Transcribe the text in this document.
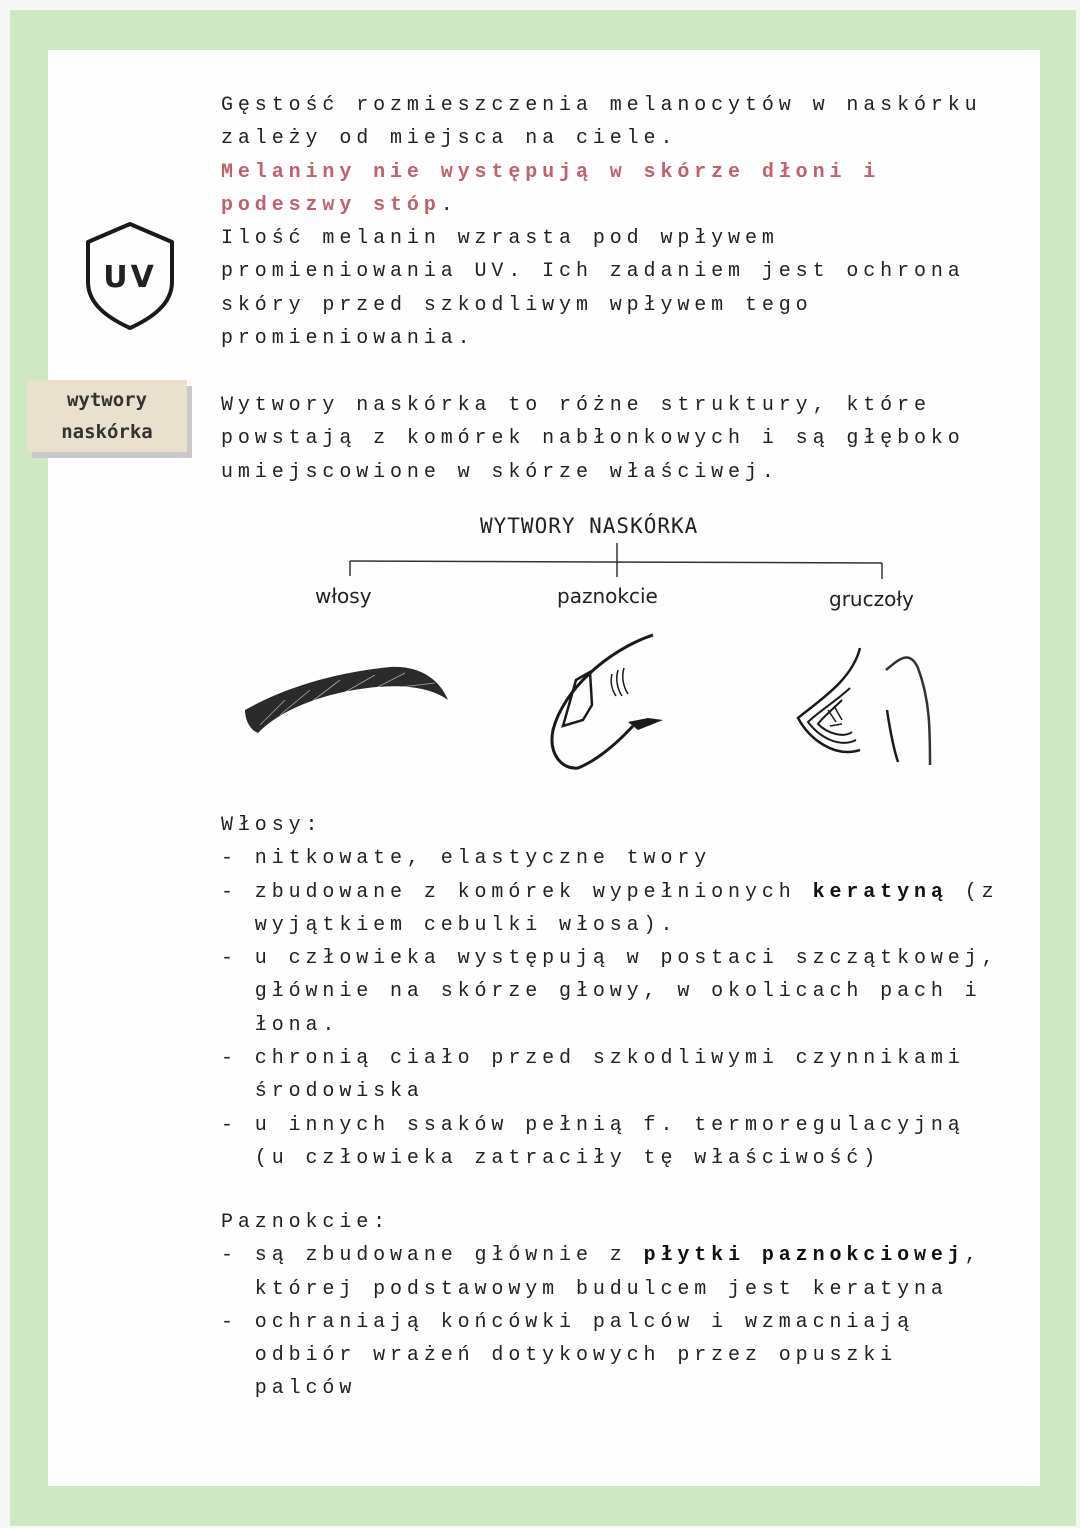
UV
wytwory
naskórka
Gęstość rozmieszczenia melanocytów w naskórku
zależy od miejsca na ciele.
Melaniny nie występują w skórze dłoni i
podeszwy stóp.
Ilość melanin wzrasta pod wpływem
promieniowania UV. Ich zadaniem jest ochrona
skóry przed szkodliwym wpływem tego
promieniowania.
Wytwory naskórka to różne struktury, które
powstają z komórek nabłonkowych i są głęboko
umiejscowione w skórze właściwej.
WYTWORY NASKÓRKA
włosy	paznokcie	gruczoły
Włosy:
- nitkowate, elastyczne twory
- zbudowane z komórek wypełnionych keratyną (z
wyjątkiem cebulki włosa).
- u człowieka występują w postaci szczątkowej,
głównie na skórze głowy, w okolicach pach i
łona.
- chronią ciało przed szkodliwymi czynnikami
środowiska
- u innych ssaków pełnią f. termoregulacyjną
(u człowieka zatraciły tę właściwość)
Paznokcie:
- są zbudowane głównie z płytki paznokciowej,
której podstawowym budulcem jest keratyna
- ochraniają końcówki palców i wzmacniają
odbiór wrażeń dotykowych przez opuszki
palców
